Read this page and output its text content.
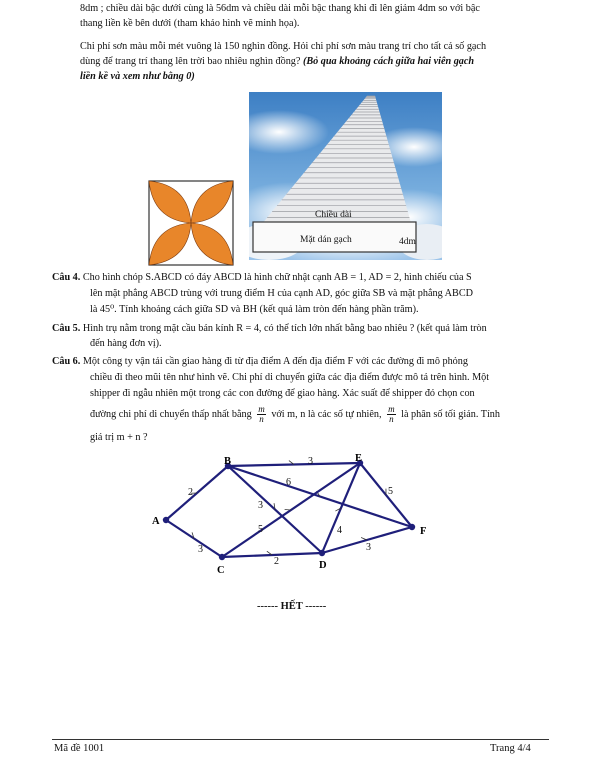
8dm ; chiều dài bậc dưới cùng là 56dm và chiều dài mỗi bậc thang khi đi lên giảm 4dm so với bậc
thang liền kề bên dưới (tham khảo hình vẽ minh họa).
Chi phí sơn màu mỗi mét vuông là 150 nghìn đồng. Hỏi chi phí sơn màu trang trí cho tất cả số gạch
dùng để trang trí thang lên trời bao nhiêu nghìn đồng? (Bỏ qua khoảng cách giữa hai viên gạch
liền kề và xem như bằng 0)
Chiều dài
Mặt dán gạch	4dm
Câu 4. Cho hình chóp S.ABCD có đáy ABCD là hình chữ nhật cạnh AB = 1, AD = 2, hình chiếu của S
lên mặt phẳng ABCD trùng với trung điểm H của cạnh AD, góc giữa SB và mặt phẳng ABCD
là 45⁰. Tính khoảng cách giữa SD và BH (kết quả làm tròn đến hàng phần trăm).
Câu 5. Hình trụ nằm trong mặt cầu bán kính R = 4, có thể tích lớn nhất bằng bao nhiêu ? (kết quả làm tròn
đến hàng đơn vị).
Câu 6. Một công ty vận tải cần giao hàng đi từ địa điểm A đến địa điểm F với các đường đi mô phỏng
chiều đi theo mũi tên như hình vẽ. Chi phí di chuyển giữa các địa điểm được mô tả trên hình. Một
shipper đi ngẫu nhiên một trong các con đường để giao hàng. Xác suất để shipper đó chọn con
đường chi phí di chuyển thấp nhất bằng $\frac{m}{n}$ với m, n là các số tự nhiên, $\frac{m}{n}$ là phân số tối giản. Tính
giá trị m + n ?
2
3
3
6
3
5
2
4
5
3
A
B
C	D
E
F
------ HẾT ------
Mã đề 1001	Trang 4/4
